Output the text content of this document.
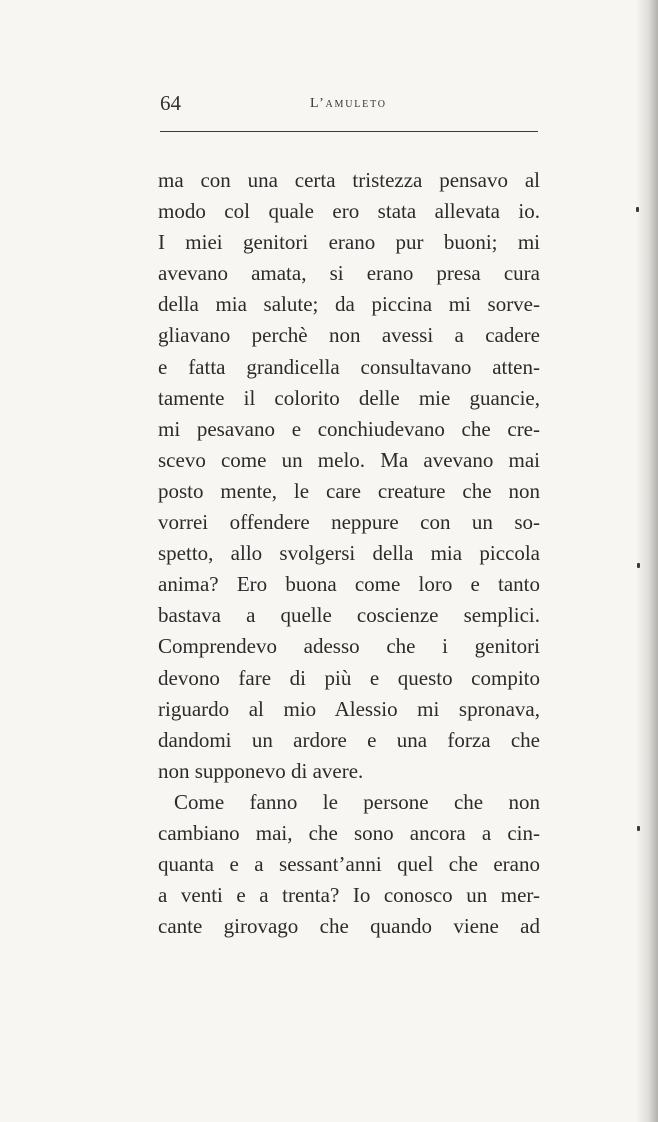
64	L’amuleto
ma con una certa tristezza pensavo al
modo col quale ero stata allevata io.
I miei genitori erano pur buoni; mi
avevano amata, si erano presa cura
della mia salute; da piccina mi sorve-
gliavano perchè non avessi a cadere
e fatta grandicella consultavano atten-
tamente il colorito delle mie guancie,
mi pesavano e conchiudevano che cre-
scevo come un melo. Ma avevano mai
posto mente, le care creature che non
vorrei offendere neppure con un so-
spetto, allo svolgersi della mia piccola
anima? Ero buona come loro e tanto
bastava a quelle coscienze semplici.
Comprendevo adesso che i genitori
devono fare di più e questo compito
riguardo al mio Alessio mi spronava,
dandomi un ardore e una forza che
non supponevo di avere.
Come fanno le persone che non
cambiano mai, che sono ancora a cin-
quanta e a sessant’anni quel che erano
a venti e a trenta? Io conosco un mer-
cante girovago che quando viene ad
